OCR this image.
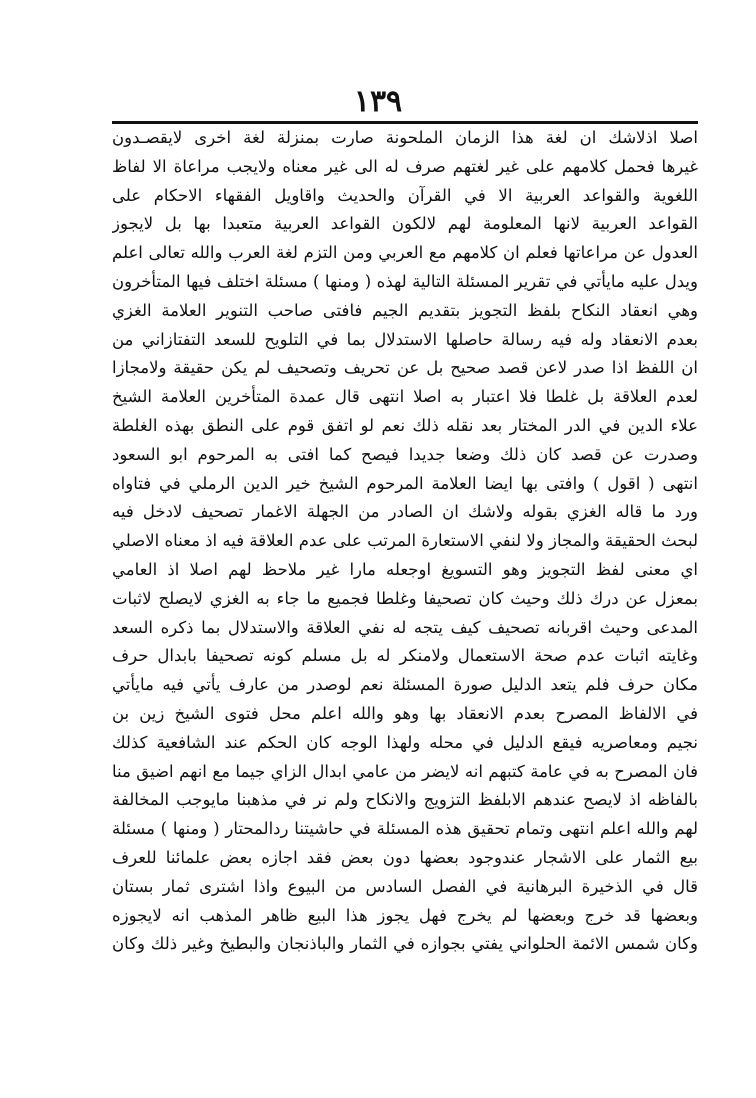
١٣٩
اصلا اذلاشك ان لغة هذا الزمان الملحونة صارت بمنزلة لغة اخرى لايقصـدون
غيرها فحمل كلامهم على غير لغتهم صرف له الى غير معناه ولايجب مراعاة الا لفاظ
اللغوية والقواعد العربية الا في القرآن والحديث واقاويل الفقهاء الاحكام على
القواعد العربية لانها المعلومة لهم لالكون القواعد العربية متعبدا بها بل لايجوز
العدول عن مراعاتها فعلم ان كلامهم مع العربي ومن التزم لغة العرب والله تعالى اعلم
ويدل عليه مايأتي في تقرير المسئلة التالية لهذه ( ومنها ) مسئلة اختلف فيها المتأخرون
وهي انعقاد النكاح بلفظ التجويز بتقديم الجيم فافتى صاحب التنوير العلامة الغزي
بعدم الانعقاد وله فيه رسالة حاصلها الاستدلال بما في التلويح للسعد التفتازاني من
ان اللفظ اذا صدر لاعن قصد صحيح بل عن تحريف وتصحيف لم يكن حقيقة ولامجازا
لعدم العلاقة بل غلطا فلا اعتبار به اصلا انتهى قال عمدة المتأخرين العلامة الشيخ
علاء الدين في الدر المختار بعد نقله ذلك نعم لو اتفق قوم على النطق بهذه الغلطة
وصدرت عن قصد كان ذلك وضعا جديدا فيصح كما افتى به المرحوم ابو السعود
انتهى ( اقول ) وافتى بها ايضا العلامة المرحوم الشيخ خير الدين الرملي في فتاواه
ورد ما قاله الغزي بقوله ولاشك ان الصادر من الجهلة الاغمار تصحيف لادخل فيه
لبحث الحقيقة والمجاز ولا لنفي الاستعارة المرتب على عدم العلاقة فيه اذ معناه الاصلي
اي معنى لفظ التجويز وهو التسويغ اوجعله مارا غير ملاحظ لهم اصلا اذ العامي
بمعزل عن درك ذلك وحيث كان تصحيفا وغلطا فجميع ما جاء به الغزي لايصلح لاثبات
المدعى وحيث اقربانه تصحيف كيف يتجه له نفي العلاقة والاستدلال بما ذكره السعد
وغايته اثبات عدم صحة الاستعمال ولامنكر له بل مسلم كونه تصحيفا بابدال حرف
مكان حرف فلم يتعد الدليل صورة المسئلة نعم لوصدر من عارف يأتي فيه مايأتي
في الالفاظ المصرح بعدم الانعقاد بها وهو والله اعلم محل فتوى الشيخ زين بن
نجيم ومعاصريه فيقع الدليل في محله ولهذا الوجه كان الحكم عند الشافعية كذلك
فان المصرح به في عامة كتبهم انه لايضر من عامي ابدال الزاي جيما مع انهم اضيق منا
بالفاظه اذ لايصح عندهم الابلفظ التزويج والانكاح ولم نر في مذهبنا مايوجب المخالفة
لهم والله اعلم انتهى وتمام تحقيق هذه المسئلة في حاشيتنا ردالمحتار ( ومنها ) مسئلة
بيع الثمار على الاشجار عندوجود بعضها دون بعض فقد اجازه بعض علمائنا للعرف
قال في الذخيرة البرهانية في الفصل السادس من البيوع واذا اشترى ثمار بستان
وبعضها قد خرج وبعضها لم يخرج فهل يجوز هذا البيع ظاهر المذهب انه لايجوزه
وكان شمس الائمة الحلواني يفتي بجوازه في الثمار والباذنجان والبطيخ وغير ذلك وكان
